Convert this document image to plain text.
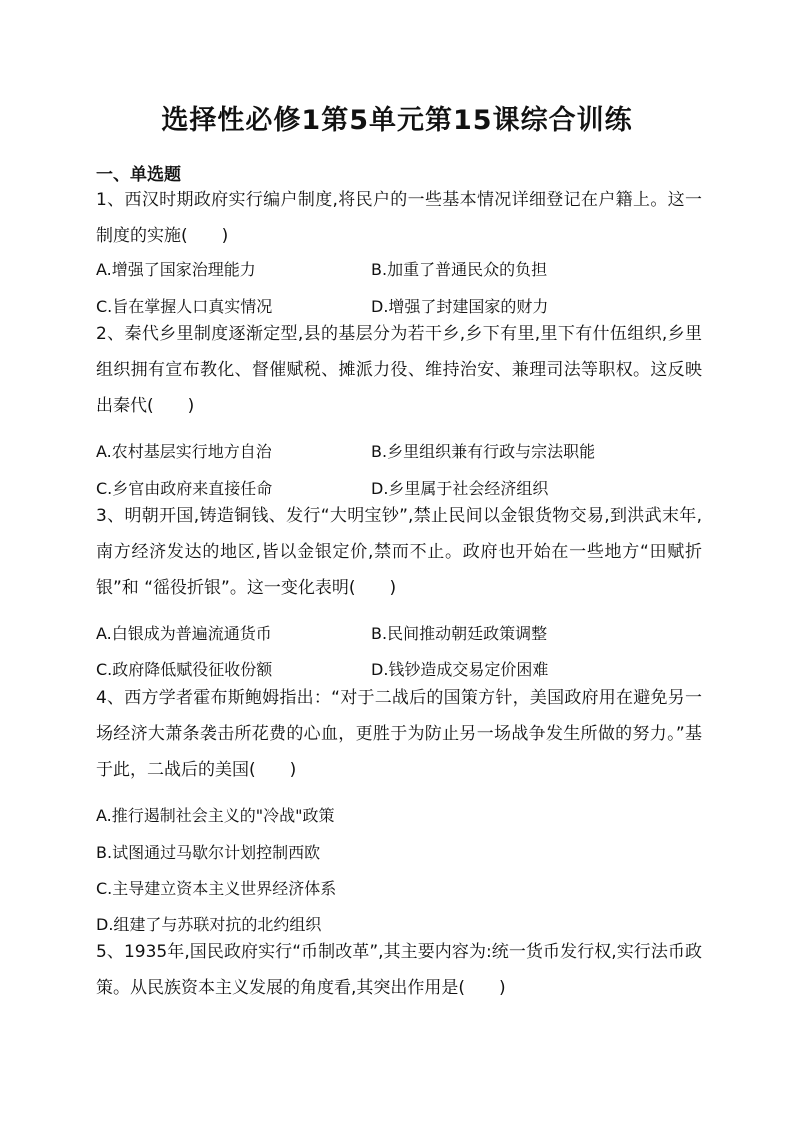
选择性必修1第5单元第15课综合训练
一、单选题
1、西汉时期政府实行编户制度,将民户的一些基本情况详细登记在户籍上。这一制度的实施(　　)
A.增强了国家治理能力	B.加重了普通民众的负担
C.旨在掌握人口真实情况	D.增强了封建国家的财力
2、秦代乡里制度逐渐定型,县的基层分为若干乡,乡下有里,里下有什伍组织,乡里组织拥有宣布教化、督催赋税、摊派力役、维持治安、兼理司法等职权。这反映出秦代(　　)
A.农村基层实行地方自治	B.乡里组织兼有行政与宗法职能
C.乡官由政府来直接任命	D.乡里属于社会经济组织
3、明朝开国,铸造铜钱、发行“大明宝钞”,禁止民间以金银货物交易,到洪武末年,南方经济发达的地区,皆以金银定价,禁而不止。政府也开始在一些地方“田赋折银”和 “徭役折银”。这一变化表明(　　)
A.白银成为普遍流通货币	B.民间推动朝廷政策调整
C.政府降低赋役征收份额	D.钱钞造成交易定价困难
4、西方学者霍布斯鲍姆指出：“对于二战后的国策方针，美国政府用在避免另一场经济大萧条袭击所花费的心血，更胜于为防止另一场战争发生所做的努力。”基于此，二战后的美国(　　)
A.推行遏制社会主义的"冷战"政策
B.试图通过马歇尔计划控制西欧
C.主导建立资本主义世界经济体系
D.组建了与苏联对抗的北约组织
5、1935年,国民政府实行“币制改革”,其主要内容为:统一货币发行权,实行法币政策。从民族资本主义发展的角度看,其突出作用是(　　)
